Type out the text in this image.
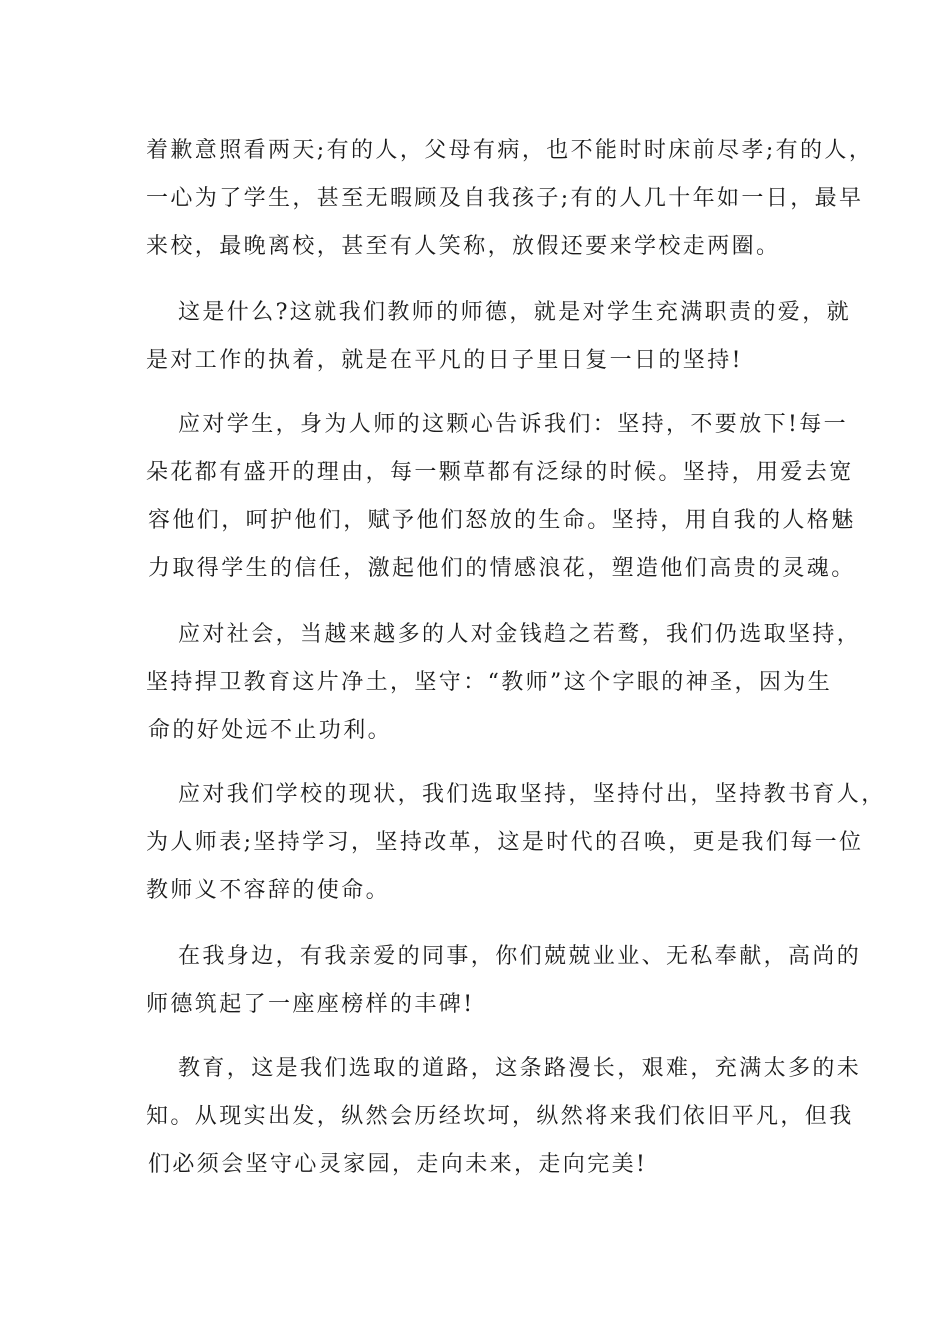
着歉意照看两天;有的人，父母有病，也不能时时床前尽孝;有的人，
一心为了学生，甚至无暇顾及自我孩子;有的人几十年如一日，最早
来校，最晚离校，甚至有人笑称，放假还要来学校走两圈。
这是什么?这就我们教师的师德，就是对学生充满职责的爱，就
是对工作的执着，就是在平凡的日子里日复一日的坚持!
应对学生，身为人师的这颗心告诉我们：坚持，不要放下!每一
朵花都有盛开的理由，每一颗草都有泛绿的时候。坚持，用爱去宽
容他们，呵护他们，赋予他们怒放的生命。坚持，用自我的人格魅
力取得学生的信任，激起他们的情感浪花，塑造他们高贵的灵魂。
应对社会，当越来越多的人对金钱趋之若鹜，我们仍选取坚持，
坚持捍卫教育这片净土，坚守：“教师”这个字眼的神圣，因为生
命的好处远不止功利。
应对我们学校的现状，我们选取坚持，坚持付出，坚持教书育人，
为人师表;坚持学习，坚持改革，这是时代的召唤，更是我们每一位
教师义不容辞的使命。
在我身边，有我亲爱的同事，你们兢兢业业、无私奉献，高尚的
师德筑起了一座座榜样的丰碑!
教育，这是我们选取的道路，这条路漫长，艰难，充满太多的未
知。从现实出发，纵然会历经坎坷，纵然将来我们依旧平凡，但我
们必须会坚守心灵家园，走向未来，走向完美!
